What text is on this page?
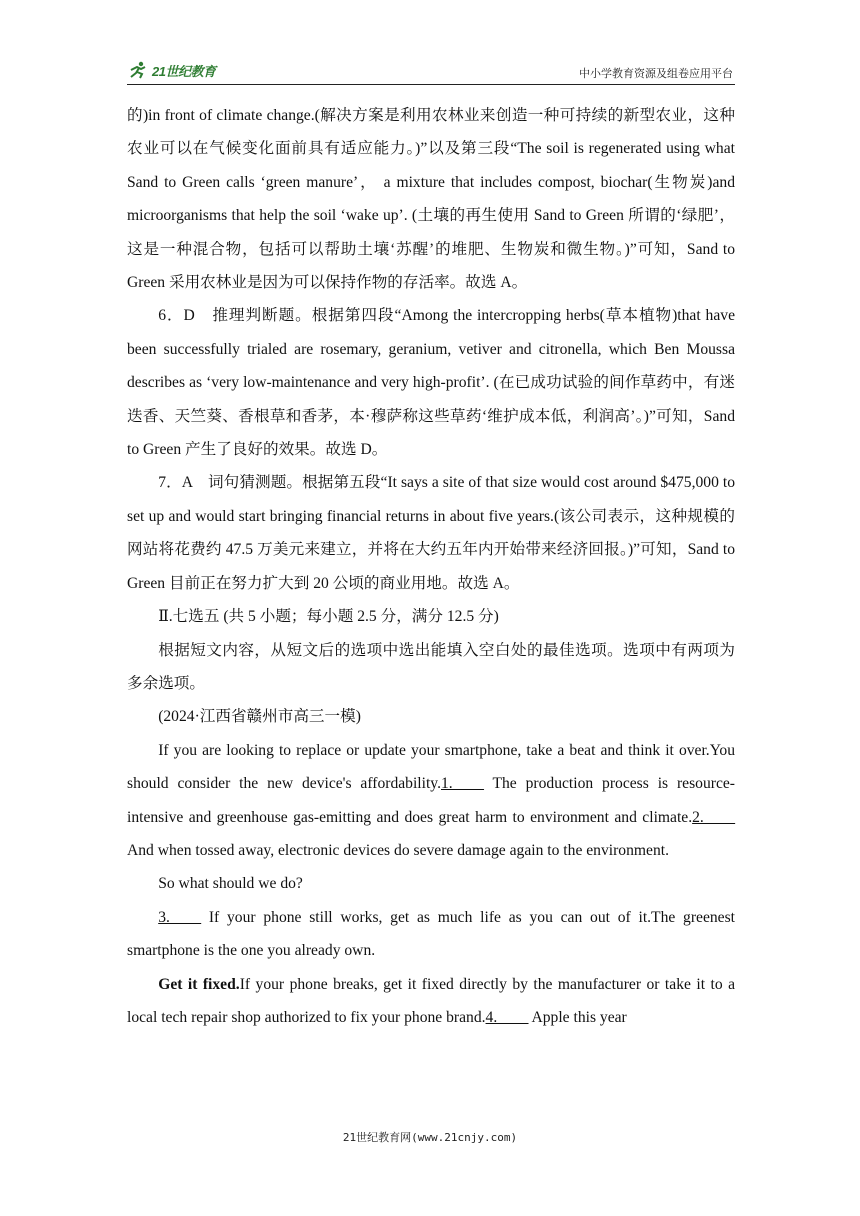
21世纪教育	中小学教育资源及组卷应用平台

的)in front of climate change.(解决方案是利用农林业来创造一种可持续的新型农业，这种农业可以在气候变化面前具有适应能力。)”以及第三段“The soil is regenerated using what Sand to Green calls ‘green manure’， a mixture that includes compost, biochar(生物炭)and microorganisms that help the soil ‘wake up’. (土壤的再生使用 Sand to Green 所谓的‘绿肥’，这是一种混合物，包括可以帮助土壤‘苏醒’的堆肥、生物炭和微生物。)”可知，Sand to Green 采用农林业是因为可以保持作物的存活率。故选 A。

6．D　推理判断题。根据第四段“Among the intercropping herbs(草本植物)that have been successfully trialed are rosemary, geranium, vetiver and citronella, which Ben Moussa describes as ‘very low-maintenance and very high-profit’. (在已成功试验的间作草药中，有迷迭香、天竺葵、香根草和香茅，本·穆萨称这些草药‘维护成本低，利润高’。)”可知，Sand to Green 产生了良好的效果。故选 D。

7．A　词句猜测题。根据第五段“It says a site of that size would cost around $475,000 to set up and would start bringing financial returns in about five years.(该公司表示，这种规模的网站将花费约 47.5 万美元来建立，并将在大约五年内开始带来经济回报。)”可知，Sand to Green 目前正在努力扩大到 20 公顷的商业用地。故选 A。

Ⅱ.七选五 (共 5 小题；每小题 2.5 分，满分 12.5 分)

根据短文内容，从短文后的选项中选出能填入空白处的最佳选项。选项中有两项为多余选项。

(2024·江西省赣州市高三一模)

If you are looking to replace or update your smartphone, take a beat and think it over.You should consider the new device's affordability.1.____ The production process is resource-intensive and greenhouse gas-emitting and does great harm to environment and climate.2.____ And when tossed away, electronic devices do severe damage again to the environment.

So what should we do?

3.____ If your phone still works, get as much life as you can out of it.The greenest smartphone is the one you already own.

Get it fixed.If your phone breaks, get it fixed directly by the manufacturer or take it to a local tech repair shop authorized to fix your phone brand.4.____ Apple this year

21世纪教育网(www.21cnjy.com)
